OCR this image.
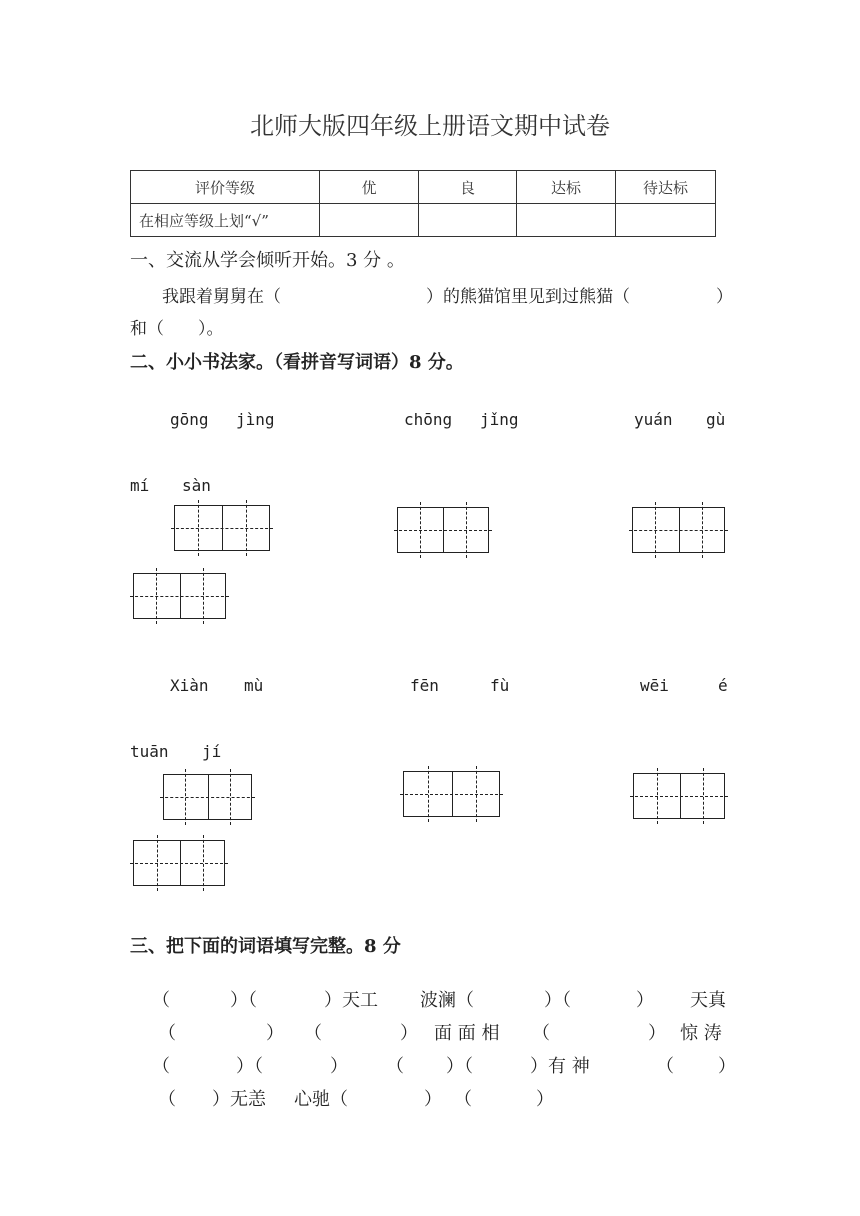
北师大版四年级上册语文期中试卷
评价等级	优	良	达标	待达标
在相应等级上划“√”				
一、交流从学会倾听开始。3 分 。
我跟着舅舅在（	）的熊猫馆里见到过熊猫（	）
和（　　）。
二、小小书法家。（看拼音写词语）8 分。
gōng jìng	chōng jǐng	yuán gù
mí sàn
Xiàn mù	fēn	fù	wēi	é
tuān jí
三、把下面的词语填写完整。8 分
（	）（	）天工 波澜（	）（	） 天真
（	） （	） 面 面 相 （	） 惊 涛
（	）（	） （ ）（	）有 神	（ ）
（ ）无恙 心驰（	） （	）
